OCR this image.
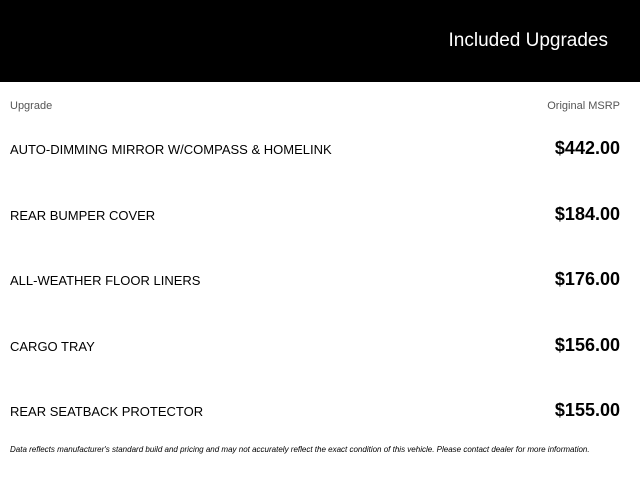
Included Upgrades
Upgrade	Original MSRP
AUTO-DIMMING MIRROR W/COMPASS & HOMELINK	$442.00
REAR BUMPER COVER	$184.00
ALL-WEATHER FLOOR LINERS	$176.00
CARGO TRAY	$156.00
REAR SEATBACK PROTECTOR	$155.00
Data reflects manufacturer's standard build and pricing and may not accurately reflect the exact condition of this vehicle. Please contact dealer for more information.
